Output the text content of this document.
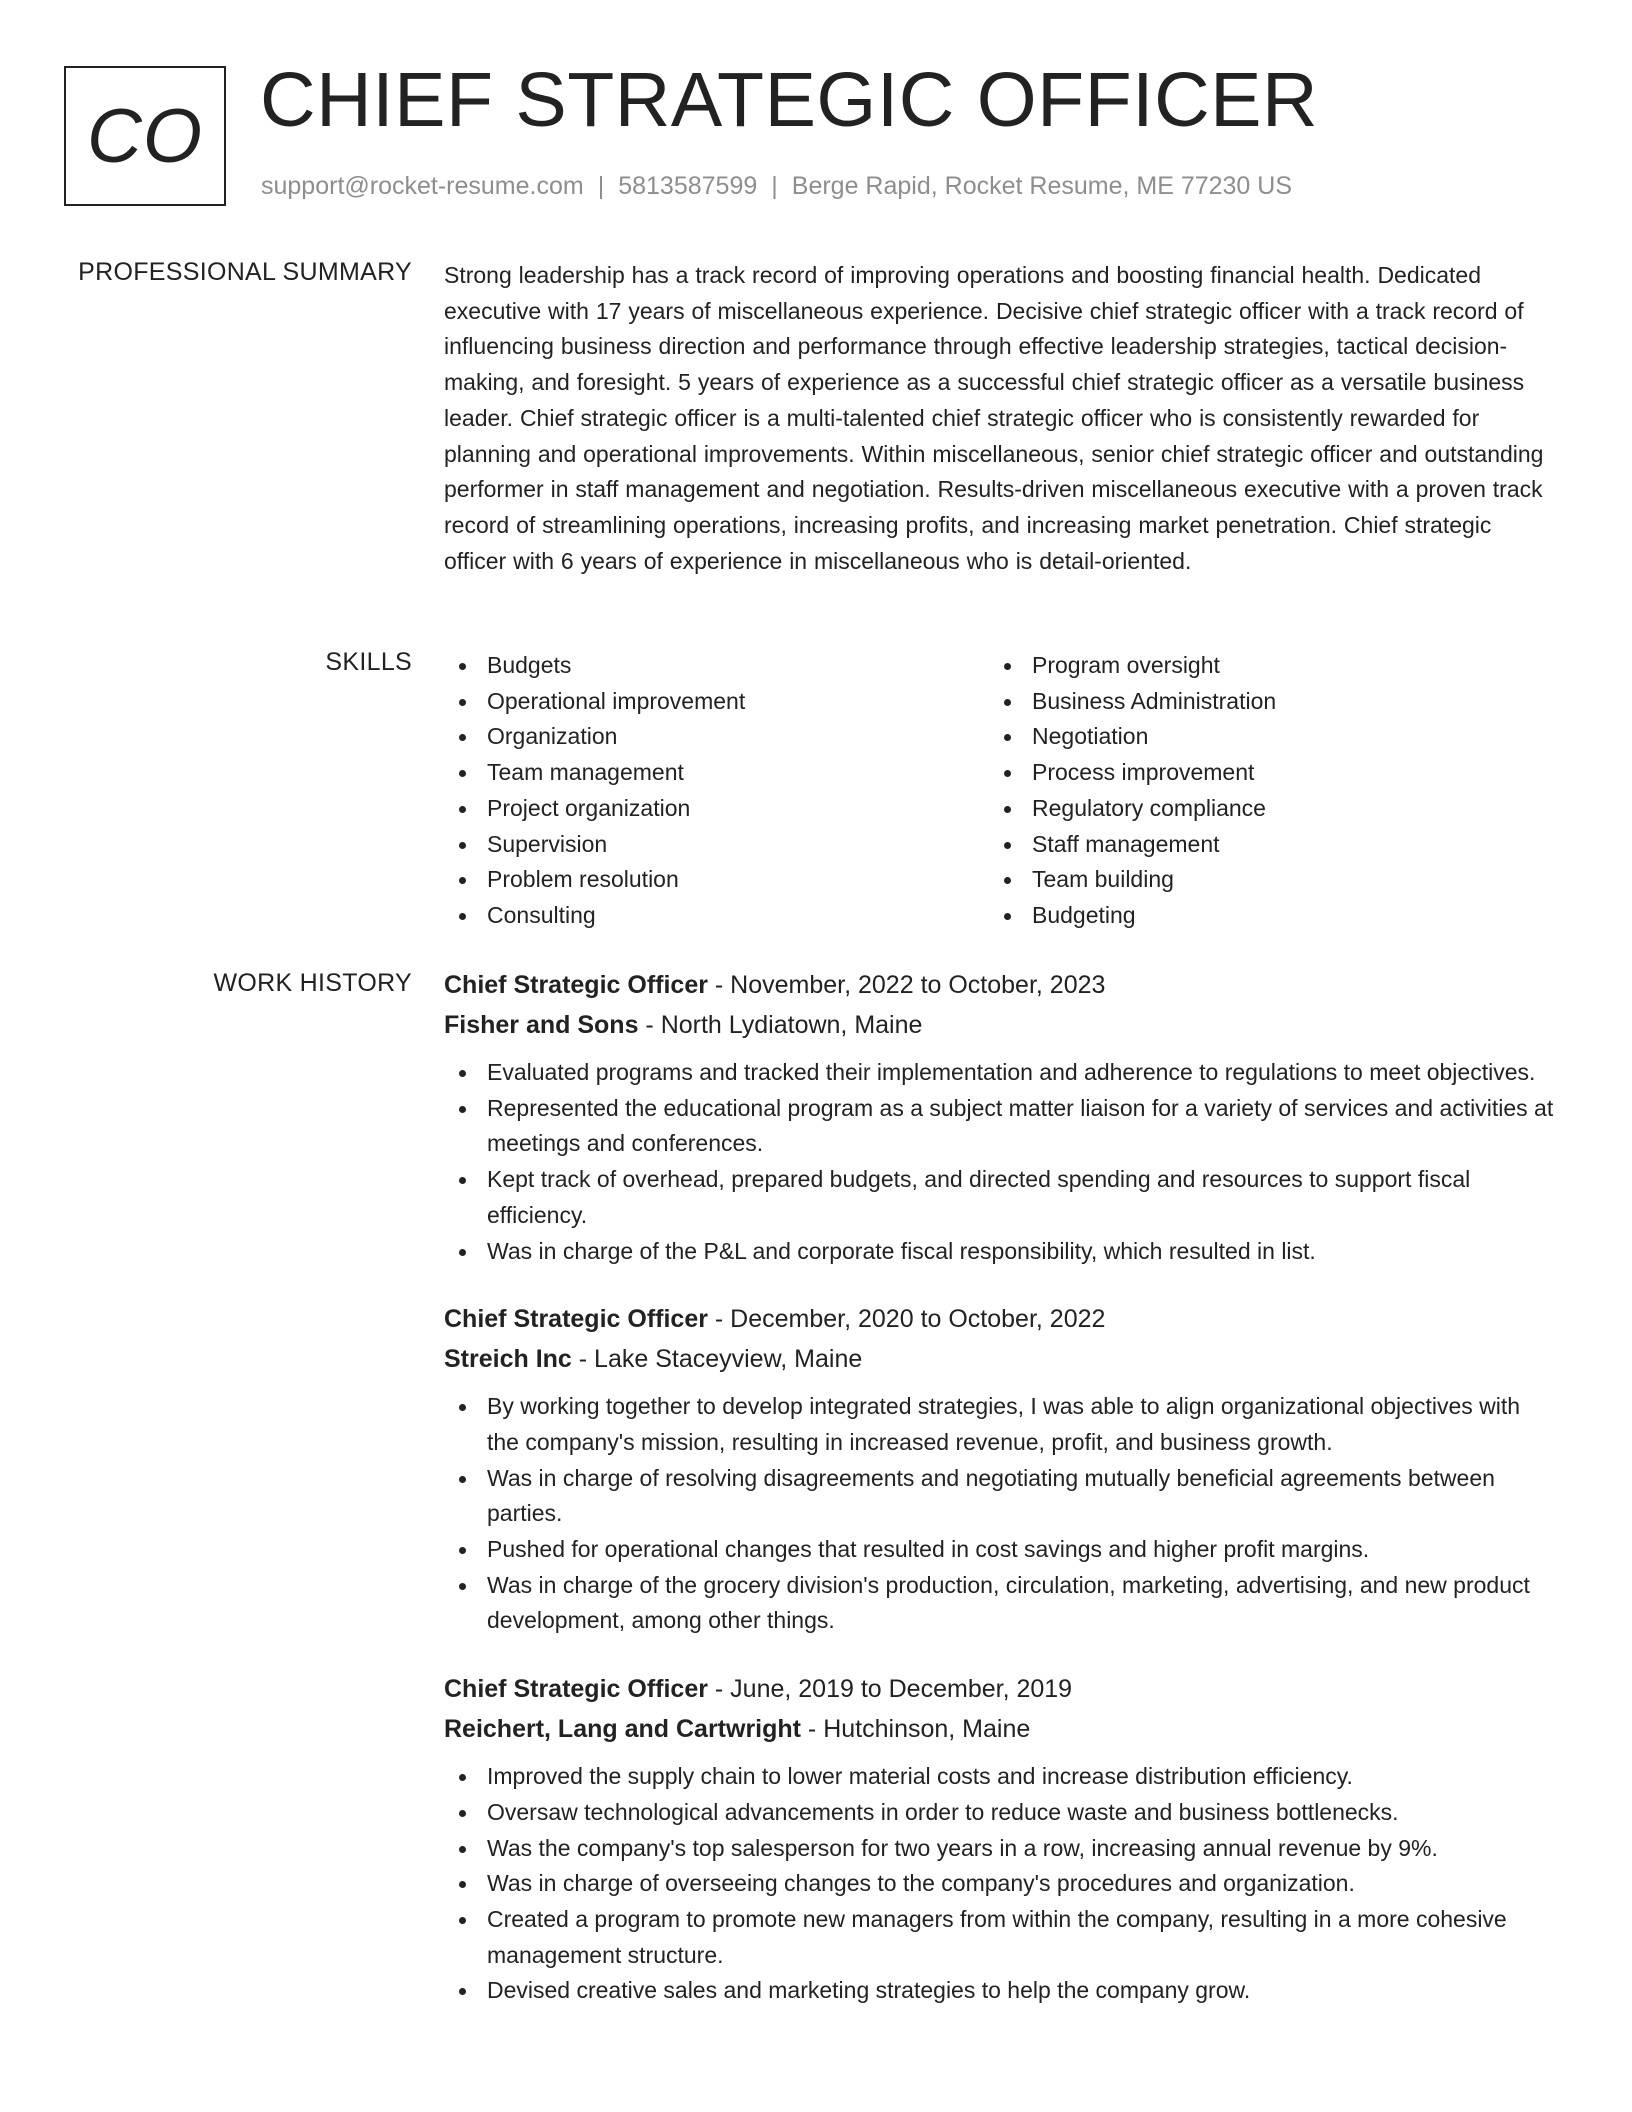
CO CHIEF STRATEGIC OFFICER
support@rocket-resume.com | 5813587599 | Berge Rapid, Rocket Resume, ME 77230 US
PROFESSIONAL SUMMARY Strong leadership has a track record of improving operations and boosting financial health. Dedicated executive with 17 years of miscellaneous experience. Decisive chief strategic officer with a track record of influencing business direction and performance through effective leadership strategies, tactical decision-making, and foresight. 5 years of experience as a successful chief strategic officer as a versatile business leader. Chief strategic officer is a multi-talented chief strategic officer who is consistently rewarded for planning and operational improvements. Within miscellaneous, senior chief strategic officer and outstanding performer in staff management and negotiation. Results-driven miscellaneous executive with a proven track record of streamlining operations, increasing profits, and increasing market penetration. Chief strategic officer with 6 years of experience in miscellaneous who is detail-oriented.

SKILLS	Budgets
Operational improvement
Organization
Team management
Project organization
Supervision
Problem resolution
Consulting
Program oversight
Business Administration
Negotiation
Process improvement
Regulatory compliance
Staff management
Team building
Budgeting
WORK HISTORY Chief Strategic Officer - November, 2022 to October, 2023
Fisher and Sons - North Lydiatown, Maine
Evaluated programs and tracked their implementation and adherence to regulations to meet objectives.
Represented the educational program as a subject matter liaison for a variety of services and activities at meetings and conferences.
Kept track of overhead, prepared budgets, and directed spending and resources to support fiscal efficiency.
Was in charge of the P&L and corporate fiscal responsibility, which resulted in list.
Chief Strategic Officer - December, 2020 to October, 2022
Streich Inc - Lake Staceyview, Maine
By working together to develop integrated strategies, I was able to align organizational objectives with the company's mission, resulting in increased revenue, profit, and business growth.
Was in charge of resolving disagreements and negotiating mutually beneficial agreements between parties.
Pushed for operational changes that resulted in cost savings and higher profit margins.
Was in charge of the grocery division's production, circulation, marketing, advertising, and new product development, among other things.
Chief Strategic Officer - June, 2019 to December, 2019
Reichert, Lang and Cartwright - Hutchinson, Maine
Improved the supply chain to lower material costs and increase distribution efficiency.
Oversaw technological advancements in order to reduce waste and business bottlenecks.
Was the company's top salesperson for two years in a row, increasing annual revenue by 9%.
Was in charge of overseeing changes to the company's procedures and organization.
Created a program to promote new managers from within the company, resulting in a more cohesive management structure.
Devised creative sales and marketing strategies to help the company grow.
